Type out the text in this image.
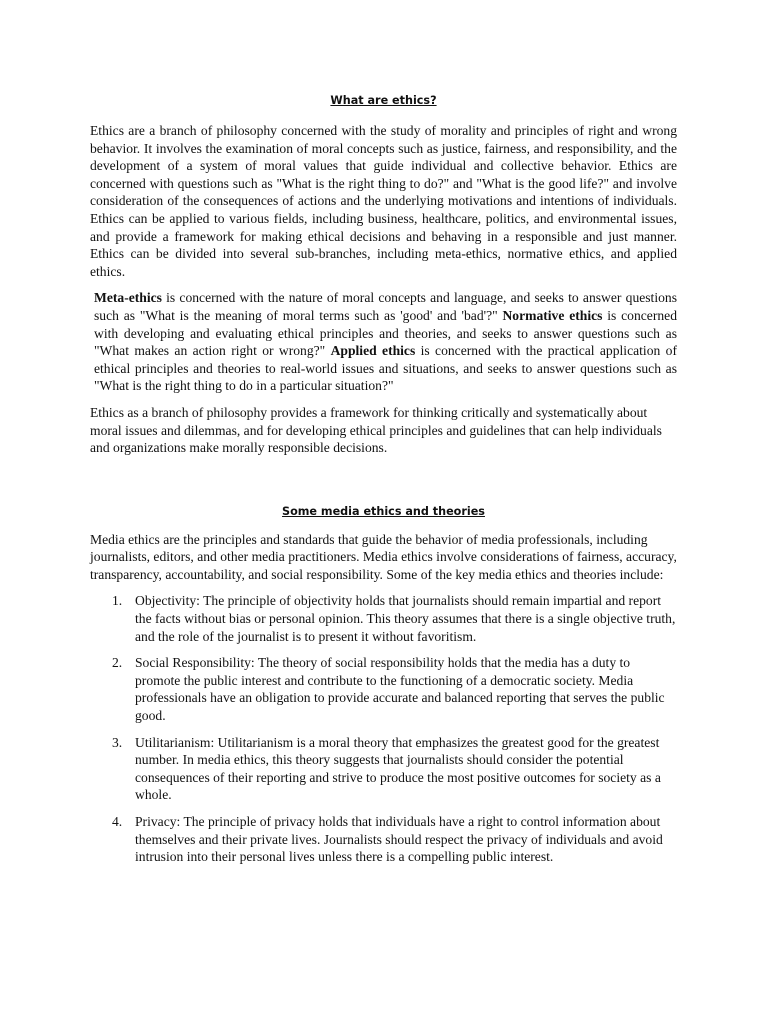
What are ethics?

Ethics are a branch of philosophy concerned with the study of morality and principles of right and wrong behavior. It involves the examination of moral concepts such as justice, fairness, and responsibility, and the development of a system of moral values that guide individual and collective behavior. Ethics are concerned with questions such as "What is the right thing to do?" and "What is the good life?" and involve consideration of the consequences of actions and the underlying motivations and intentions of individuals. Ethics can be applied to various fields, including business, healthcare, politics, and environmental issues, and provide a framework for making ethical decisions and behaving in a responsible and just manner. Ethics can be divided into several sub-branches, including meta-ethics, normative ethics, and applied ethics.

Meta-ethics is concerned with the nature of moral concepts and language, and seeks to answer questions such as "What is the meaning of moral terms such as 'good' and 'bad'?" Normative ethics is concerned with developing and evaluating ethical principles and theories, and seeks to answer questions such as "What makes an action right or wrong?" Applied ethics is concerned with the practical application of ethical principles and theories to real-world issues and situations, and seeks to answer questions such as "What is the right thing to do in a particular situation?"

Ethics as a branch of philosophy provides a framework for thinking critically and systematically about moral issues and dilemmas, and for developing ethical principles and guidelines that can help individuals and organizations make morally responsible decisions.

Some media ethics and theories

Media ethics are the principles and standards that guide the behavior of media professionals, including journalists, editors, and other media practitioners. Media ethics involve considerations of fairness, accuracy, transparency, accountability, and social responsibility. Some of the key media ethics and theories include:

1. Objectivity: The principle of objectivity holds that journalists should remain impartial and report the facts without bias or personal opinion. This theory assumes that there is a single objective truth, and the role of the journalist is to present it without favoritism.
2. Social Responsibility: The theory of social responsibility holds that the media has a duty to promote the public interest and contribute to the functioning of a democratic society. Media professionals have an obligation to provide accurate and balanced reporting that serves the public good.
3. Utilitarianism: Utilitarianism is a moral theory that emphasizes the greatest good for the greatest number. In media ethics, this theory suggests that journalists should consider the potential consequences of their reporting and strive to produce the most positive outcomes for society as a whole.
4. Privacy: The principle of privacy holds that individuals have a right to control information about themselves and their private lives. Journalists should respect the privacy of individuals and avoid intrusion into their personal lives unless there is a compelling public interest.
